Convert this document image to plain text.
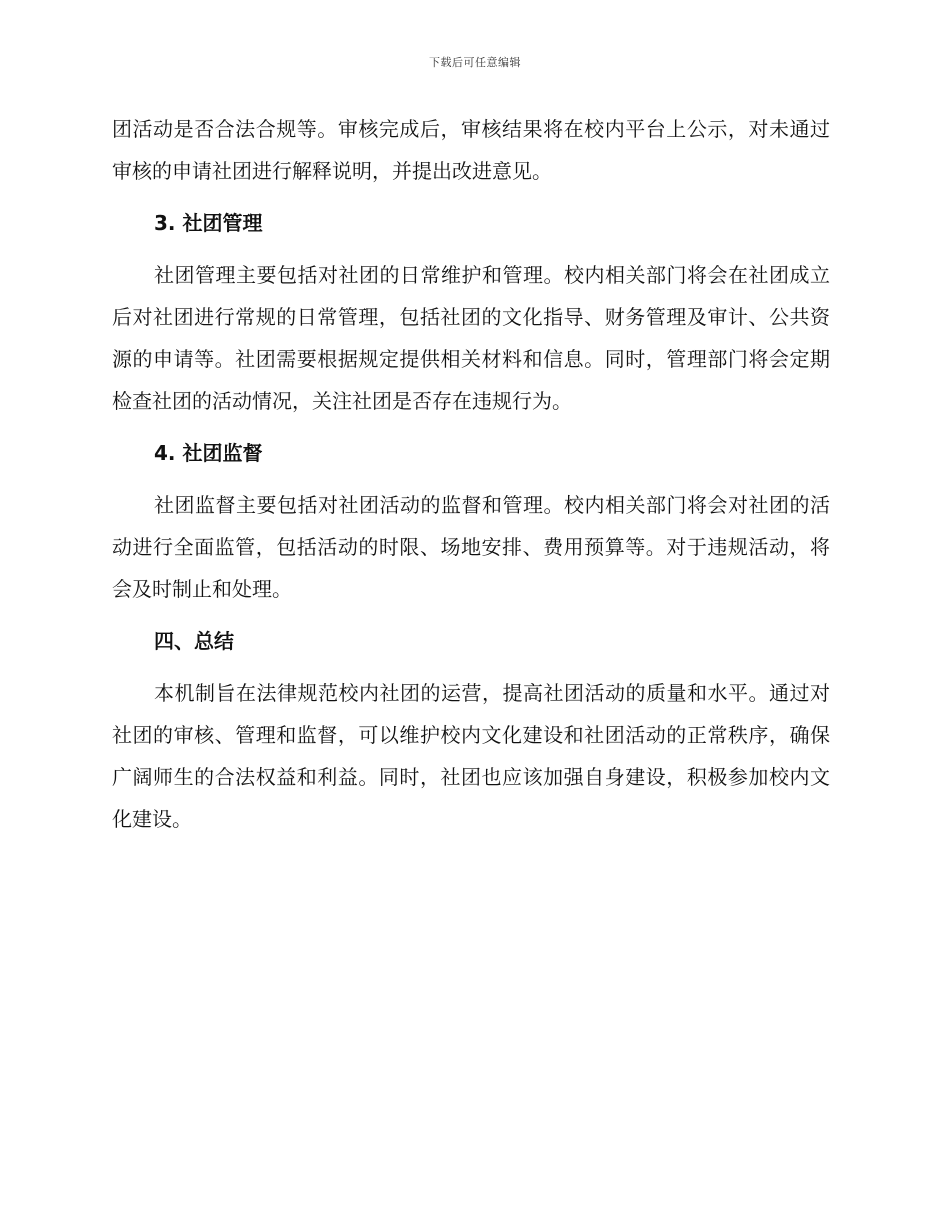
下载后可任意编辑

团活动是否合法合规等。审核完成后，审核结果将在校内平台上公示，对未通过审核的申请社团进行解释说明，并提出改进意见。

3. 社团管理

社团管理主要包括对社团的日常维护和管理。校内相关部门将会在社团成立后对社团进行常规的日常管理，包括社团的文化指导、财务管理及审计、公共资源的申请等。社团需要根据规定提供相关材料和信息。同时，管理部门将会定期检查社团的活动情况，关注社团是否存在违规行为。

4. 社团监督

社团监督主要包括对社团活动的监督和管理。校内相关部门将会对社团的活动进行全面监管，包括活动的时限、场地安排、费用预算等。对于违规活动，将会及时制止和处理。

四、总结

本机制旨在法律规范校内社团的运营，提高社团活动的质量和水平。通过对社团的审核、管理和监督，可以维护校内文化建设和社团活动的正常秩序，确保广阔师生的合法权益和利益。同时，社团也应该加强自身建设，积极参加校内文化建设。
